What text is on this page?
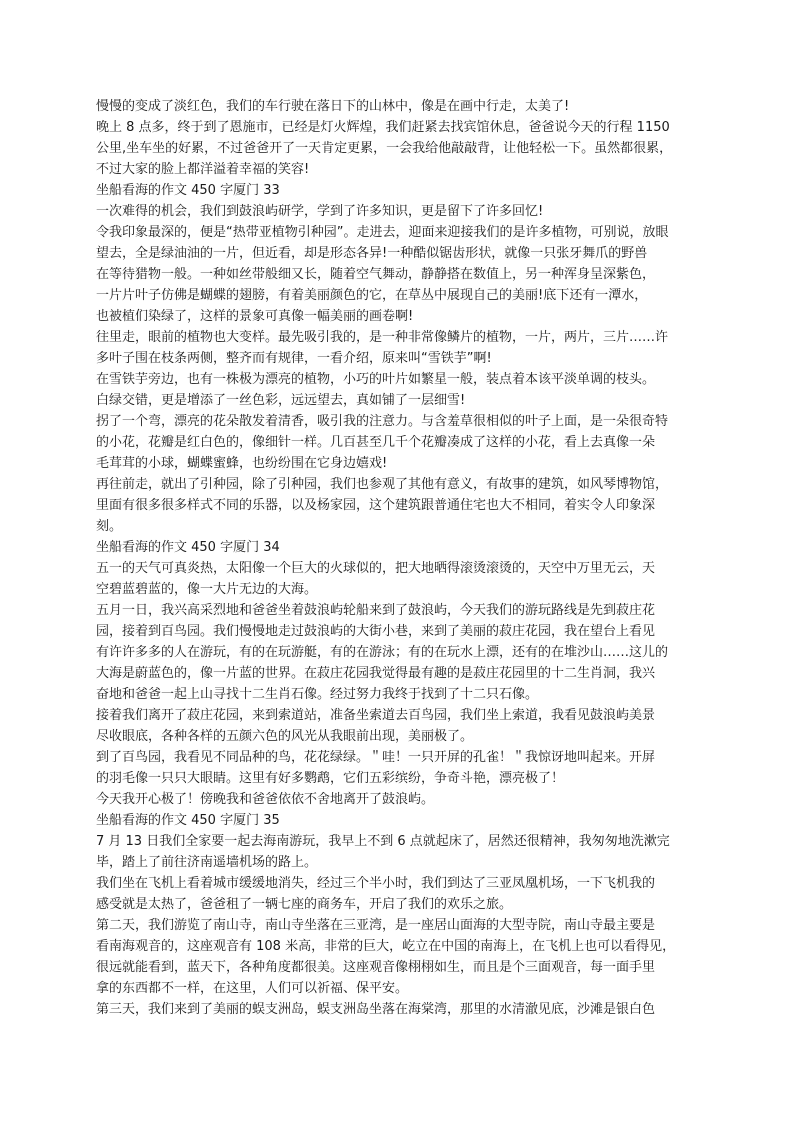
慢慢的变成了淡红色，我们的车行驶在落日下的山林中，像是在画中行走，太美了!

晚上 8 点多，终于到了恩施市，已经是灯火辉煌，我们赶紧去找宾馆休息，爸爸说今天的行程 1150

公里,坐车坐的好累，不过爸爸开了一天肯定更累，一会我给他敲敲背，让他轻松一下。虽然都很累，

不过大家的脸上都洋溢着幸福的笑容!

坐船看海的作文 450 字厦门 33

一次难得的机会，我们到鼓浪屿研学，学到了许多知识，更是留下了许多回忆!

令我印象最深的，便是“热带亚植物引种园”。走进去，迎面来迎接我们的是许多植物，可别说，放眼

望去，全是绿油油的一片，但近看，却是形态各异!一种酷似锯齿形状，就像一只张牙舞爪的野兽

在等待猎物一般。一种如丝带般细又长，随着空气舞动，静静搭在数值上，另一种浑身呈深紫色，

一片片叶子仿佛是蝴蝶的翅膀，有着美丽颜色的它，在草丛中展现自己的美丽!底下还有一潭水，

也被植们染绿了，这样的景象可真像一幅美丽的画卷啊!

往里走，眼前的植物也大变样。最先吸引我的，是一种非常像鳞片的植物，一片，两片，三片……许

多叶子围在枝条两侧，整齐而有规律，一看介绍，原来叫“雪铁芋”啊!

在雪铁芋旁边，也有一株极为漂亮的植物，小巧的叶片如繁星一般，装点着本该平淡单调的枝头。

白绿交错，更是增添了一丝色彩，远远望去，真如铺了一层细雪!

拐了一个弯，漂亮的花朵散发着清香，吸引我的注意力。与含羞草很相似的叶子上面，是一朵很奇特

的小花，花瓣是红白色的，像细针一样。几百甚至几千个花瓣凑成了这样的小花，看上去真像一朵

毛茸茸的小球，蝴蝶蜜蜂，也纷纷围在它身边嬉戏!

再往前走，就出了引种园，除了引种园，我们也参观了其他有意义，有故事的建筑，如风琴博物馆，

里面有很多很多样式不同的乐器，以及杨家园，这个建筑跟普通住宅也大不相同，着实令人印象深

刻。

坐船看海的作文 450 字厦门 34

五一的天气可真炎热，太阳像一个巨大的火球似的，把大地晒得滚烫滚烫的，天空中万里无云，天

空碧蓝碧蓝的，像一大片无边的大海。

五月一日，我兴高采烈地和爸爸坐着鼓浪屿轮船来到了鼓浪屿，今天我们的游玩路线是先到菽庄花

园，接着到百鸟园。我们慢慢地走过鼓浪屿的大街小巷，来到了美丽的菽庄花园，我在望台上看见

有许许多多的人在游玩，有的在玩游艇，有的在游泳；有的在玩水上漂，还有的在堆沙山……这儿的

大海是蔚蓝色的，像一片蓝的世界。在菽庄花园我觉得最有趣的是菽庄花园里的十二生肖洞，我兴

奋地和爸爸一起上山寻找十二生肖石像。经过努力我终于找到了十二只石像。

接着我们离开了菽庄花园，来到索道站，准备坐索道去百鸟园，我们坐上索道，我看见鼓浪屿美景

尽收眼底，各种各样的五颜六色的风光从我眼前出现，美丽极了。

到了百鸟园，我看见不同品种的鸟，花花绿绿。＂哇！一只开屏的孔雀！＂我惊讶地叫起来。开屏

的羽毛像一只只大眼睛。这里有好多鹦鹉，它们五彩缤纷，争奇斗艳，漂亮极了！

今天我开心极了！傍晚我和爸爸依依不舍地离开了鼓浪屿。

坐船看海的作文 450 字厦门 35

7 月 13 日我们全家要一起去海南游玩，我早上不到 6 点就起床了，居然还很精神，我匆匆地洗漱完

毕，踏上了前往济南遥墙机场的路上。

我们坐在飞机上看着城市缓缓地消失，经过三个半小时，我们到达了三亚凤凰机场，一下飞机我的

感受就是太热了，爸爸租了一辆七座的商务车，开启了我们的欢乐之旅。

第二天，我们游览了南山寺，南山寺坐落在三亚湾，是一座居山面海的大型寺院，南山寺最主要是

看南海观音的，这座观音有 108 米高，非常的巨大，屹立在中国的南海上，在飞机上也可以看得见，

很远就能看到，蓝天下，各种角度都很美。这座观音像栩栩如生，而且是个三面观音，每一面手里

拿的东西都不一样，在这里，人们可以祈福、保平安。

第三天，我们来到了美丽的蜈支洲岛，蜈支洲岛坐落在海棠湾，那里的水清澈见底，沙滩是银白色
